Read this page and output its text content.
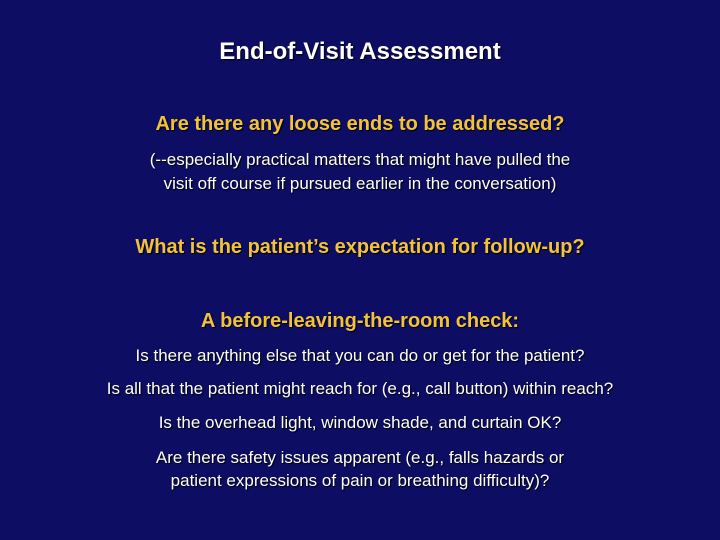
End-of-Visit Assessment
Are there any loose ends to be addressed?
(--especially practical matters that might have pulled the
visit off course if pursued earlier in the conversation)
What is the patient’s expectation for follow-up?
A before-leaving-the-room check:
Is there anything else that you can do or get for the patient?
Is all that the patient might reach for (e.g., call button) within reach?
Is the overhead light, window shade, and curtain OK?
Are there safety issues apparent (e.g., falls hazards or
patient expressions of pain or breathing difficulty)?
